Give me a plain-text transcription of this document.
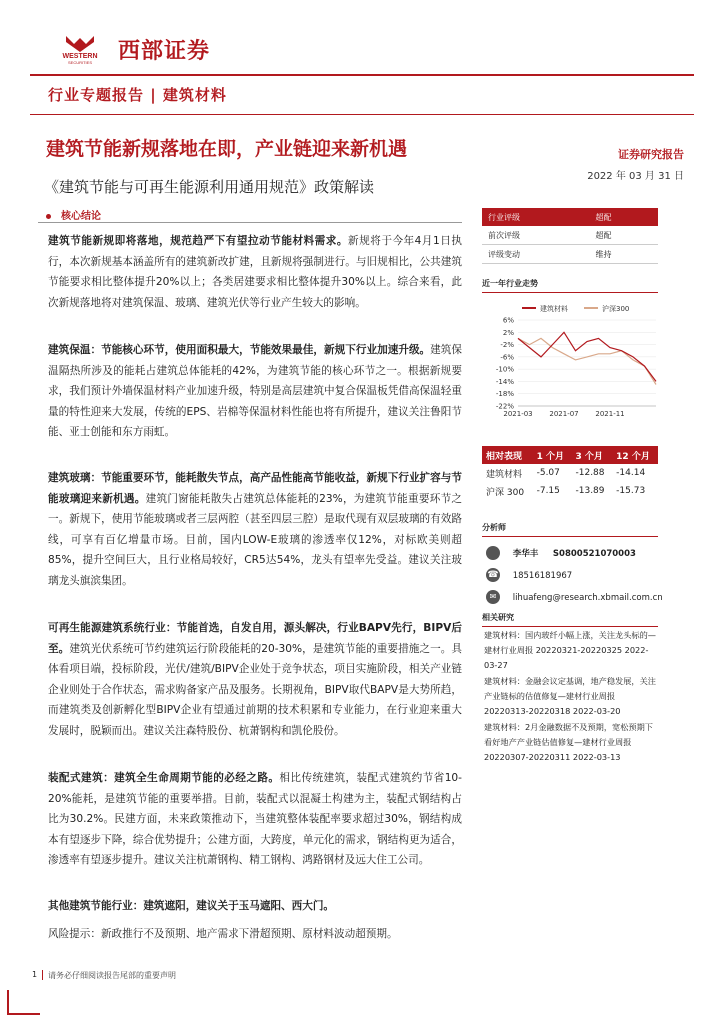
WESTERN
SECURITIES 西部证券
行业专题报告 | 建筑材料
建筑节能新规落地在即，产业链迎来新机遇	证券研究报告
2022 年 03 月 31 日
《建筑节能与可再生能源利用通用规范》政策解读
核心结论
建筑节能新规即将落地，规范趋严下有望拉动节能材料需求。新规将于今年4月1日执行，本次新规基本涵盖所有的建筑新改扩建，且新规将强制进行。与旧规相比，公共建筑节能要求相比整体提升20%以上；各类居建要求相比整体提升30%以上。综合来看，此次新规落地将对建筑保温、玻璃、建筑光伏等行业产生较大的影响。
建筑保温：节能核心环节，使用面积最大，节能效果最佳，新规下行业加速升级。建筑保温隔热所涉及的能耗占建筑总体能耗的42%，为建筑节能的核心环节之一。根据新规要求，我们预计外墙保温材料产业加速升级，特别是高层建筑中复合保温板凭借高保温轻重量的特性迎来大发展，传统的EPS、岩棉等保温材料性能也将有所提升，建议关注鲁阳节能、亚士创能和东方雨虹。
建筑玻璃：节能重要环节，能耗散失节点，高产品性能高节能收益，新规下行业扩容与节能玻璃迎来新机遇。建筑门窗能耗散失占建筑总体能耗的23%，为建筑节能重要环节之一。新规下，使用节能玻璃或者三层两腔（甚至四层三腔）是取代现有双层玻璃的有效路线，可享有百亿增量市场。目前，国内LOW-E玻璃的渗透率仅12%，对标欧美则超85%，提升空间巨大，且行业格局较好，CR5达54%，龙头有望率先受益。建议关注玻璃龙头旗滨集团。
可再生能源建筑系统行业：节能首选，自发自用，源头解决，行业BAPV先行，BIPV后至。建筑光伏系统可节约建筑运行阶段能耗的20-30%，是建筑节能的重要措施之一。具体看项目端，投标阶段，光伏/建筑/BIPV企业处于竞争状态，项目实施阶段，相关产业链企业则处于合作状态，需求购备家产品及服务。长期视角，BIPV取代BAPV是大势所趋，而建筑类及创新孵化型BIPV企业有望通过前期的技术积累和专业能力，在行业迎来重大发展时，脱颖而出。建议关注森特股份、杭萧钢构和凯伦股份。
装配式建筑：建筑全生命周期节能的必经之路。相比传统建筑，装配式建筑约节省10-20%能耗，是建筑节能的重要举措。目前，装配式以混凝土构建为主，装配式钢结构占比为30.2%。民建方面，未来政策推动下，当建筑整体装配率要求超过30%，钢结构成本有望逐步下降，综合优势提升；公建方面，大跨度，单元化的需求，钢结构更为适合，渗透率有望逐步提升。建议关注杭萧钢构、精工钢构、鸿路钢材及远大住工公司。
其他建筑节能行业：建筑遮阳，建议关于玉马遮阳、西大门。
风险提示：新政推行不及预期、地产需求下滑超预期、原材料波动超预期。
行业评级	超配
前次评级	超配
评级变动	维持
近一年行业走势
建筑材料	沪深300
6%
2%
-2%
-6%
-10%
-14%
-18%
-22%
2021-03 2021-07 2021-11
相对表现	1 个月	3 个月	12 个月
建筑材料	-5.07	-12.88	-14.14
沪深 300	-7.15	-13.89	-15.73
分析师
李华丰 S0800521070003
☎ 18516181967
✉ lihuafeng@research.xbmail.com.cn
相关研究
建筑材料：国内玻纤小幅上涨，关注龙头标的—建材行业周报 20220321-20220325 2022-03-27
建筑材料：金融会议定基调，地产稳发展，关注产业链标的估值修复—建材行业周报 20220313-20220318 2022-03-20
建筑材料：2月金融数据不及预期，宽松预期下看好地产产业链估值修复—建材行业周报 20220307-20220311 2022-03-13
1 请务必仔细阅读报告尾部的重要声明
